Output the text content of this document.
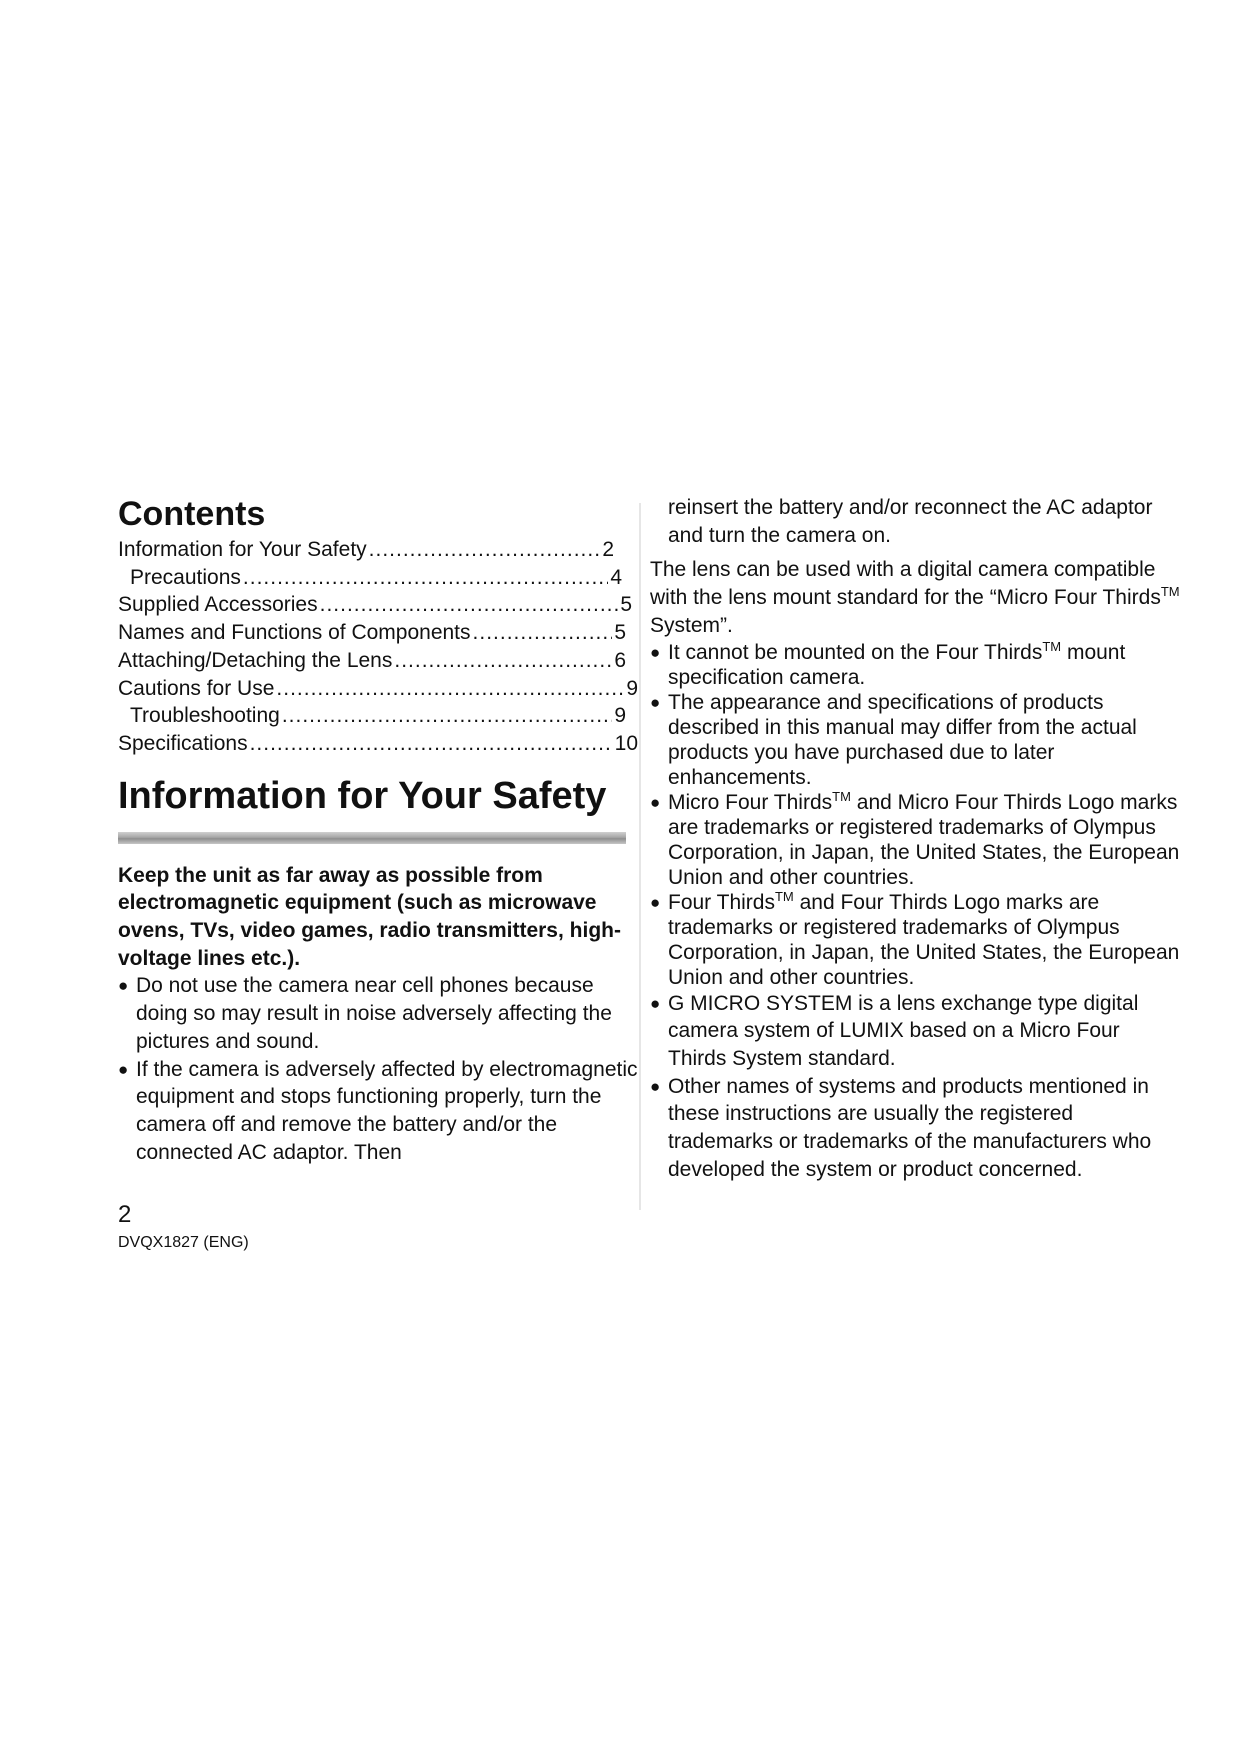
Contents
Information for Your Safety .....	2
Precautions .....	4
Supplied Accessories .....	5
Names and Functions of Components .....	5
Attaching/Detaching the Lens .....	6
Cautions for Use .....	9
Troubleshooting .....	9
Specifications .....	10
Information for Your Safety

Keep the unit as far away as possible from electromagnetic equipment (such as microwave ovens, TVs, video games, radio transmitters, high-voltage lines etc.).

● Do not use the camera near cell phones because doing so may result in noise adversely affecting the pictures and sound.
● If the camera is adversely affected by electromagnetic equipment and stops functioning properly, turn the camera off and remove the battery and/or the connected AC adaptor. Then

reinsert the battery and/or reconnect the AC adaptor and turn the camera on.

The lens can be used with a digital camera compatible with the lens mount standard for the “Micro Four Thirds™ System”.

● It cannot be mounted on the Four Thirds™ mount specification camera.
● The appearance and specifications of products described in this manual may differ from the actual products you have purchased due to later enhancements.
● Micro Four Thirds™ and Micro Four Thirds Logo marks are trademarks or registered trademarks of Olympus Corporation, in Japan, the United States, the European Union and other countries.
● Four Thirds™ and Four Thirds Logo marks are trademarks or registered trademarks of Olympus Corporation, in Japan, the United States, the European Union and other countries.
● G MICRO SYSTEM is a lens exchange type digital camera system of LUMIX based on a Micro Four Thirds System standard.
● Other names of systems and products mentioned in these instructions are usually the registered trademarks or trademarks of the manufacturers who developed the system or product concerned.
2
DVQX1827 (ENG)
